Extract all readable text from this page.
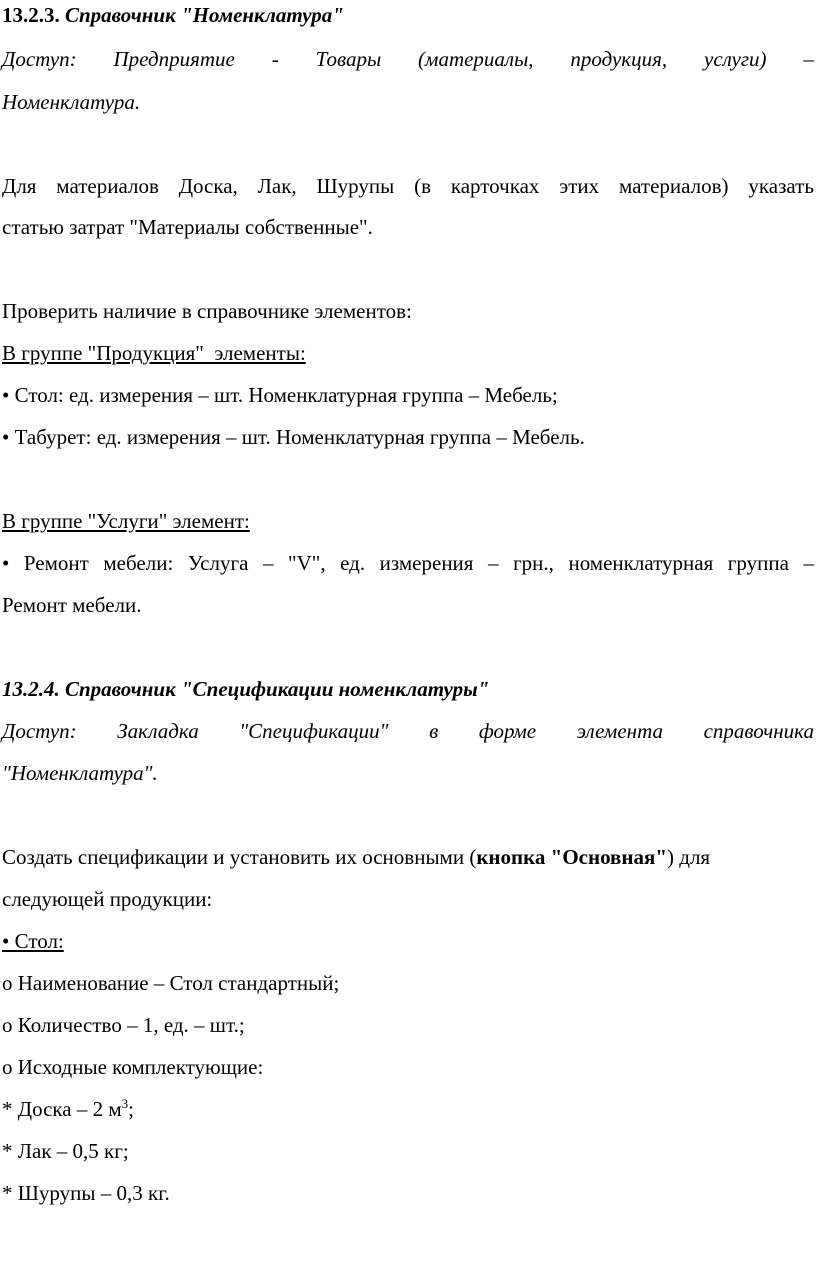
13.2.3. Справочник "Номенклатура"
Доступ: Предприятие - Товары (материалы, продукция, услуги) –
Номенклатура.
Для материалов Доска, Лак, Шурупы (в карточках этих материалов) указать
статью затрат "Материалы собственные".
Проверить наличие в справочнике элементов:
В группе "Продукция"  элементы:
• Стол: ед. измерения – шт. Номенклатурная группа – Мебель;
• Табурет: ед. измерения – шт. Номенклатурная группа – Мебель.
В группе "Услуги" элемент:
• Ремонт мебели: Услуга – "V", ед. измерения – грн., номенклатурная группа –
Ремонт мебели.
13.2.4. Справочник "Спецификации номенклатуры"
Доступ: Закладка "Спецификации" в форме элемента справочника
"Номенклатура".
Создать спецификации и установить их основными (кнопка "Основная") для
следующей продукции:
• Стол:
o Наименование – Стол стандартный;
o Количество – 1, ед. – шт.;
o Исходные комплектующие:
* Доска – 2 $м^3$;
* Лак – 0,5 кг;
* Шурупы – 0,3 кг.
